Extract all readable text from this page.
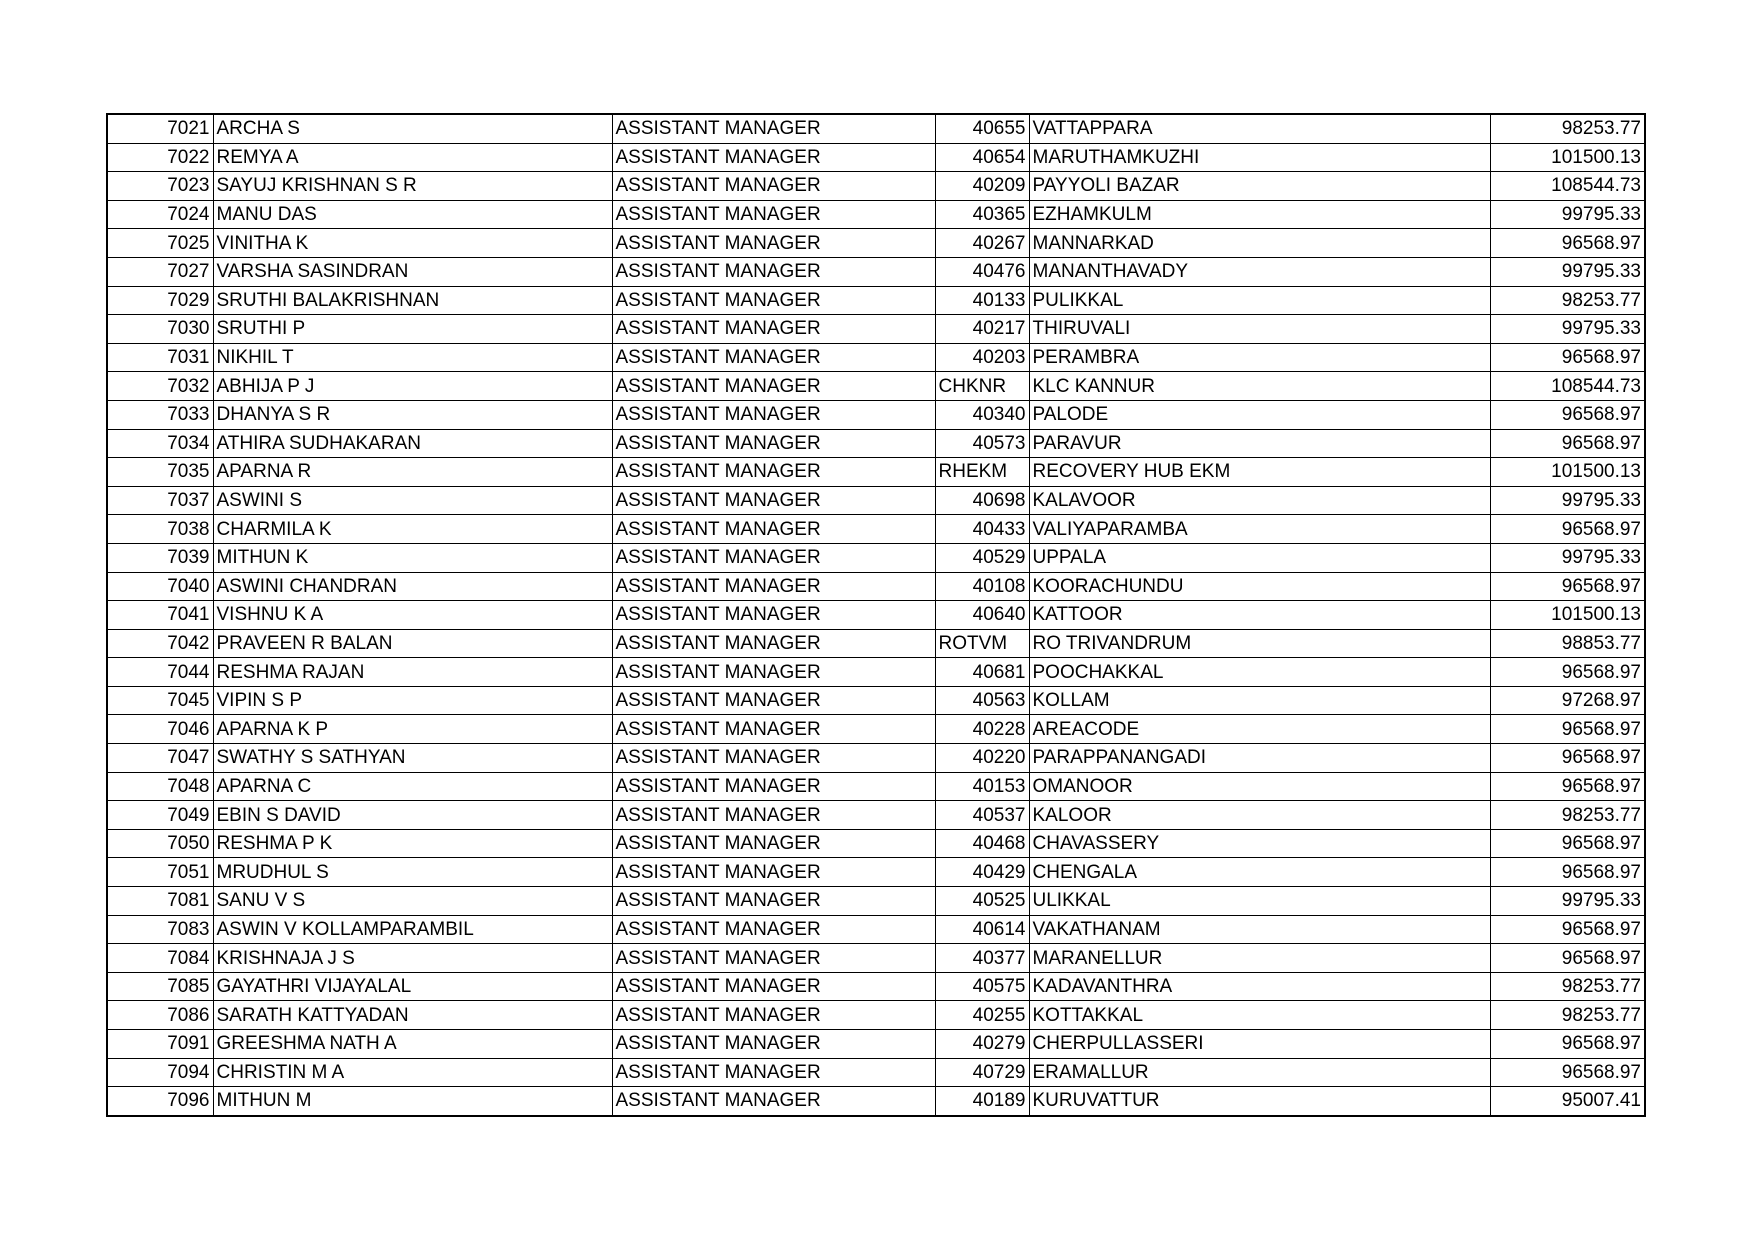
7021	ARCHA S	ASSISTANT MANAGER	40655	VATTAPPARA	98253.77
7022	REMYA A	ASSISTANT MANAGER	40654	MARUTHAMKUZHI	101500.13
7023	SAYUJ KRISHNAN S R	ASSISTANT MANAGER	40209	PAYYOLI BAZAR	108544.73
7024	MANU DAS	ASSISTANT MANAGER	40365	EZHAMKULM	99795.33
7025	VINITHA K	ASSISTANT MANAGER	40267	MANNARKAD	96568.97
7027	VARSHA SASINDRAN	ASSISTANT MANAGER	40476	MANANTHAVADY	99795.33
7029	SRUTHI BALAKRISHNAN	ASSISTANT MANAGER	40133	PULIKKAL	98253.77
7030	SRUTHI P	ASSISTANT MANAGER	40217	THIRUVALI	99795.33
7031	NIKHIL T	ASSISTANT MANAGER	40203	PERAMBRA	96568.97
7032	ABHIJA P J	ASSISTANT MANAGER	CHKNR	KLC KANNUR	108544.73
7033	DHANYA S R	ASSISTANT MANAGER	40340	PALODE	96568.97
7034	ATHIRA SUDHAKARAN	ASSISTANT MANAGER	40573	PARAVUR	96568.97
7035	APARNA R	ASSISTANT MANAGER	RHEKM	RECOVERY HUB EKM	101500.13
7037	ASWINI S	ASSISTANT MANAGER	40698	KALAVOOR	99795.33
7038	CHARMILA K	ASSISTANT MANAGER	40433	VALIYAPARAMBA	96568.97
7039	MITHUN K	ASSISTANT MANAGER	40529	UPPALA	99795.33
7040	ASWINI CHANDRAN	ASSISTANT MANAGER	40108	KOORACHUNDU	96568.97
7041	VISHNU K A	ASSISTANT MANAGER	40640	KATTOOR	101500.13
7042	PRAVEEN R BALAN	ASSISTANT MANAGER	ROTVM	RO TRIVANDRUM	98853.77
7044	RESHMA RAJAN	ASSISTANT MANAGER	40681	POOCHAKKAL	96568.97
7045	VIPIN S P	ASSISTANT MANAGER	40563	KOLLAM	97268.97
7046	APARNA K P	ASSISTANT MANAGER	40228	AREACODE	96568.97
7047	SWATHY S SATHYAN	ASSISTANT MANAGER	40220	PARAPPANANGADI	96568.97
7048	APARNA C	ASSISTANT MANAGER	40153	OMANOOR	96568.97
7049	EBIN S DAVID	ASSISTANT MANAGER	40537	KALOOR	98253.77
7050	RESHMA P K	ASSISTANT MANAGER	40468	CHAVASSERY	96568.97
7051	MRUDHUL S	ASSISTANT MANAGER	40429	CHENGALA	96568.97
7081	SANU V S	ASSISTANT MANAGER	40525	ULIKKAL	99795.33
7083	ASWIN V KOLLAMPARAMBIL	ASSISTANT MANAGER	40614	VAKATHANAM	96568.97
7084	KRISHNAJA J S	ASSISTANT MANAGER	40377	MARANELLUR	96568.97
7085	GAYATHRI VIJAYALAL	ASSISTANT MANAGER	40575	KADAVANTHRA	98253.77
7086	SARATH KATTYADAN	ASSISTANT MANAGER	40255	KOTTAKKAL	98253.77
7091	GREESHMA NATH A	ASSISTANT MANAGER	40279	CHERPULLASSERI	96568.97
7094	CHRISTIN M A	ASSISTANT MANAGER	40729	ERAMALLUR	96568.97
7096	MITHUN M	ASSISTANT MANAGER	40189	KURUVATTUR	95007.41
